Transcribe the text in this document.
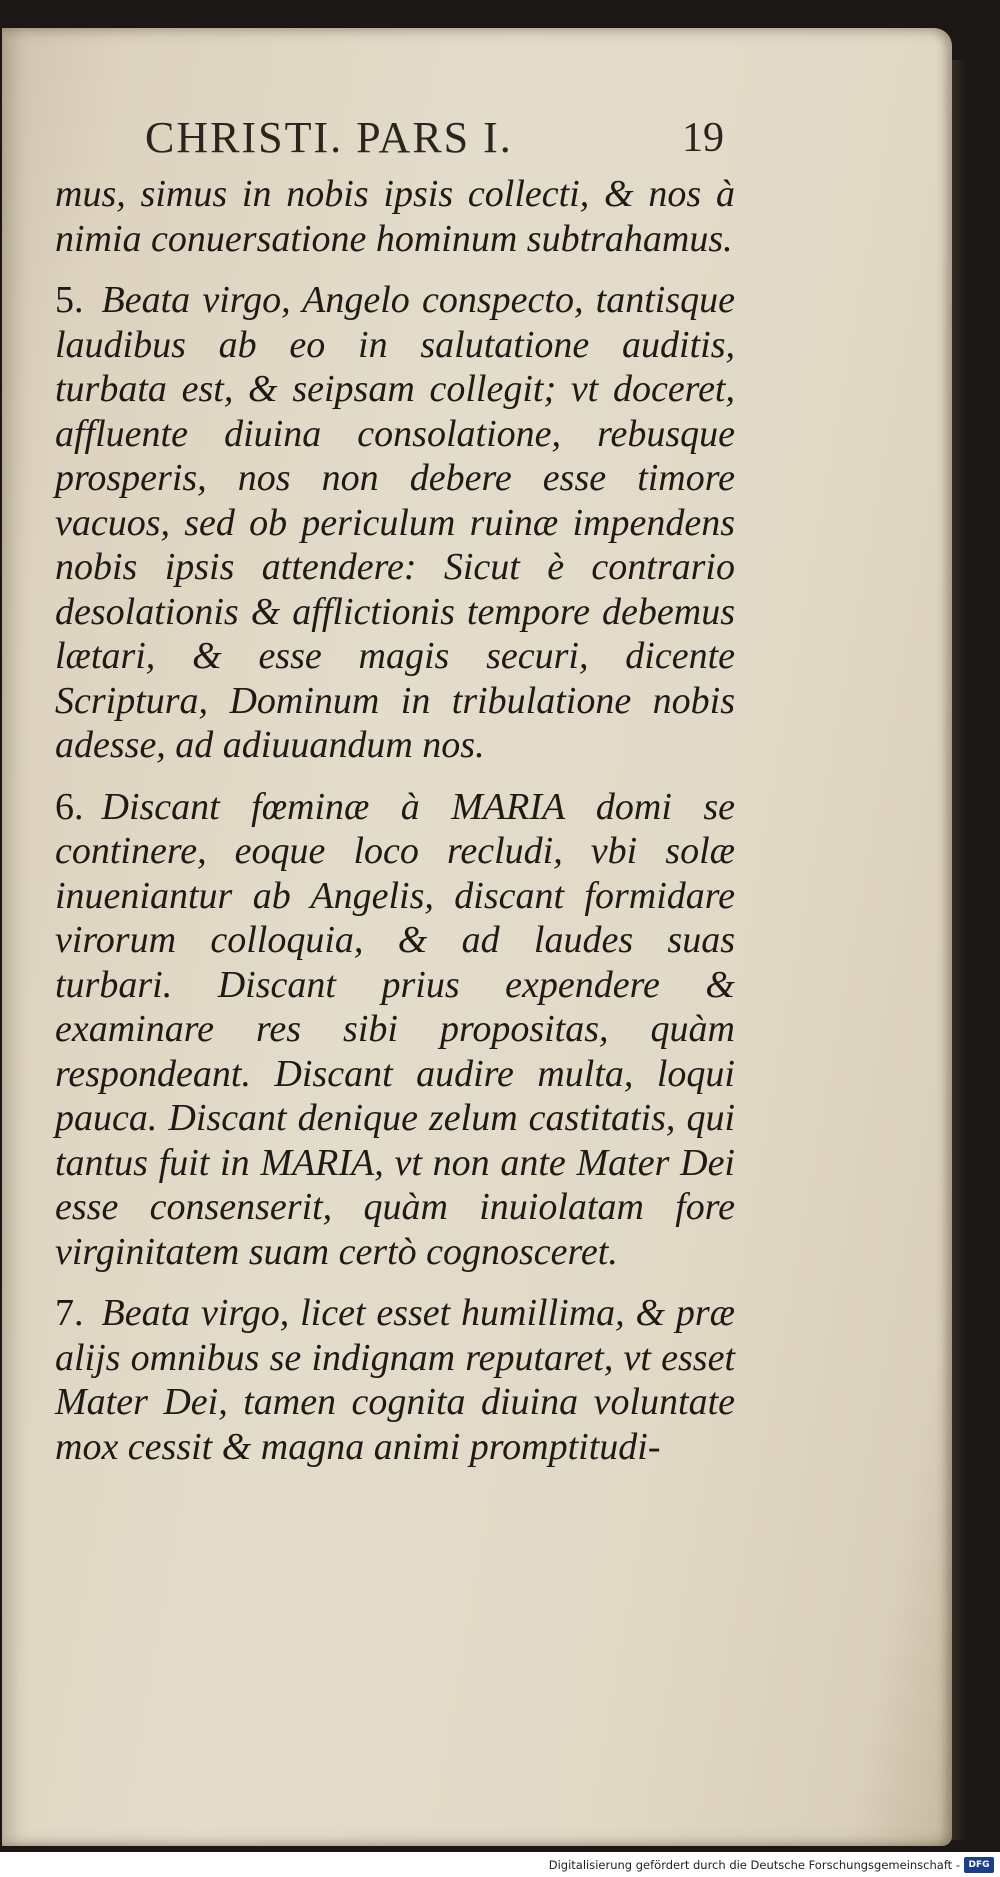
CHRISTI. PARS I.	19

mus, simus in nobis ipsis collecti, & nos à nimia conuersatione hominum subtrahamus.

5. Beata virgo, Angelo conspecto, tantisque laudibus ab eo in salutatione auditis, turbata est, & seipsam collegit; vt doceret, affluente diuina consolatione, rebusque prosperis, nos non debere esse timore vacuos, sed ob periculum ruinæ impendens nobis ipsis attendere: Sicut è contrario desolationis & afflictionis tempore debemus lætari, & esse magis securi, dicente Scriptura, Dominum in tribulatione nobis adesse, ad adiuuandum nos.

6. Discant fœminæ à MARIA domi se continere, eoque loco recludi, vbi solæ inueniantur ab Angelis, discant formidare virorum colloquia, & ad laudes suas turbari. Discant prius expendere & examinare res sibi propositas, quàm respondeant. Discant audire multa, loqui pauca. Discant denique zelum castitatis, qui tantus fuit in MARIA, vt non ante Mater Dei esse consenserit, quàm inuiolatam fore virginitatem suam certò cognosceret.

7. Beata virgo, licet esset humillima, & præ alijs omnibus se indignam reputaret, vt esset Mater Dei, tamen cognita diuina voluntate mox cessit & magna animi promptitudi-

Digitalisierung gefördert durch die Deutsche Forschungsgemeinschaft - DFG
